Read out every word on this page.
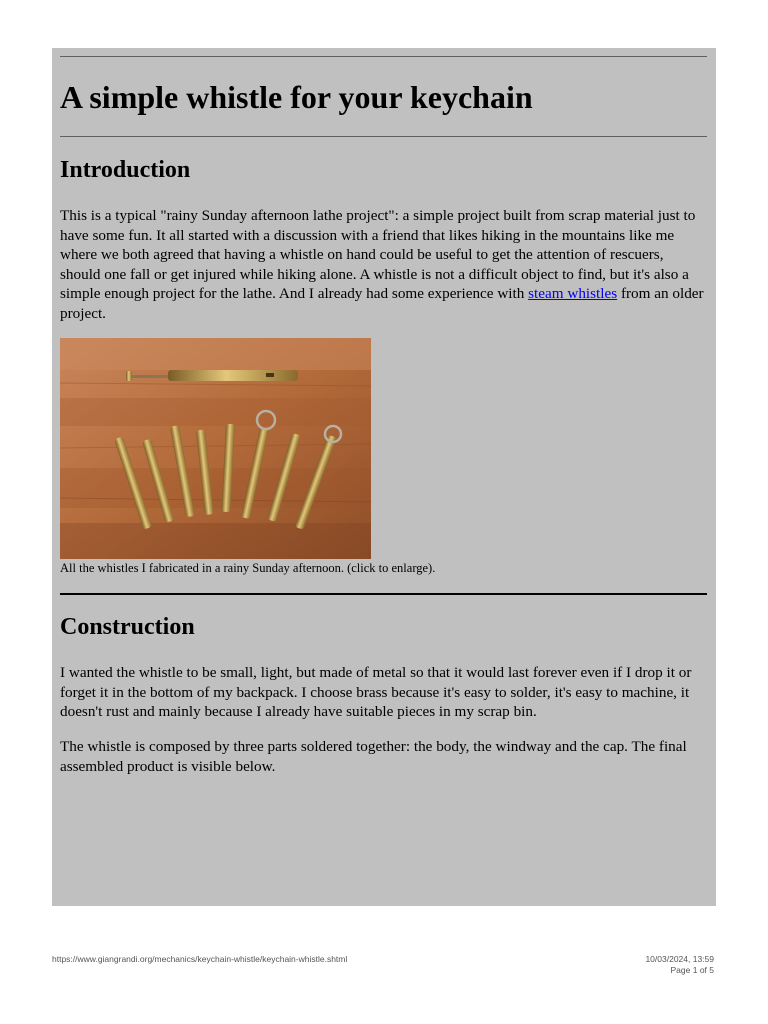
A simple whistle for your keychain
Introduction

This is a typical "rainy Sunday afternoon lathe project": a simple project built from scrap material just to have some fun. It all started with a discussion with a friend that likes hiking in the mountains like me where we both agreed that having a whistle on hand could be useful to get the attention of rescuers, should one fall or get injured while hiking alone. A whistle is not a difficult object to find, but it's also a simple enough project for the lathe. And I already had some experience with steam whistles from an older project.

All the whistles I fabricated in a rainy Sunday afternoon. (click to enlarge).
Construction

I wanted the whistle to be small, light, but made of metal so that it would last forever even if I drop it or forget it in the bottom of my backpack. I choose brass because it's easy to solder, it's easy to machine, it doesn't rust and mainly because I already have suitable pieces in my scrap bin.

The whistle is composed by three parts soldered together: the body, the windway and the cap. The final assembled product is visible below.

https://www.giangrandi.org/mechanics/keychain-whistle/keychain-whistle.shtml	10/03/2024, 13:59
Page 1 of 5
